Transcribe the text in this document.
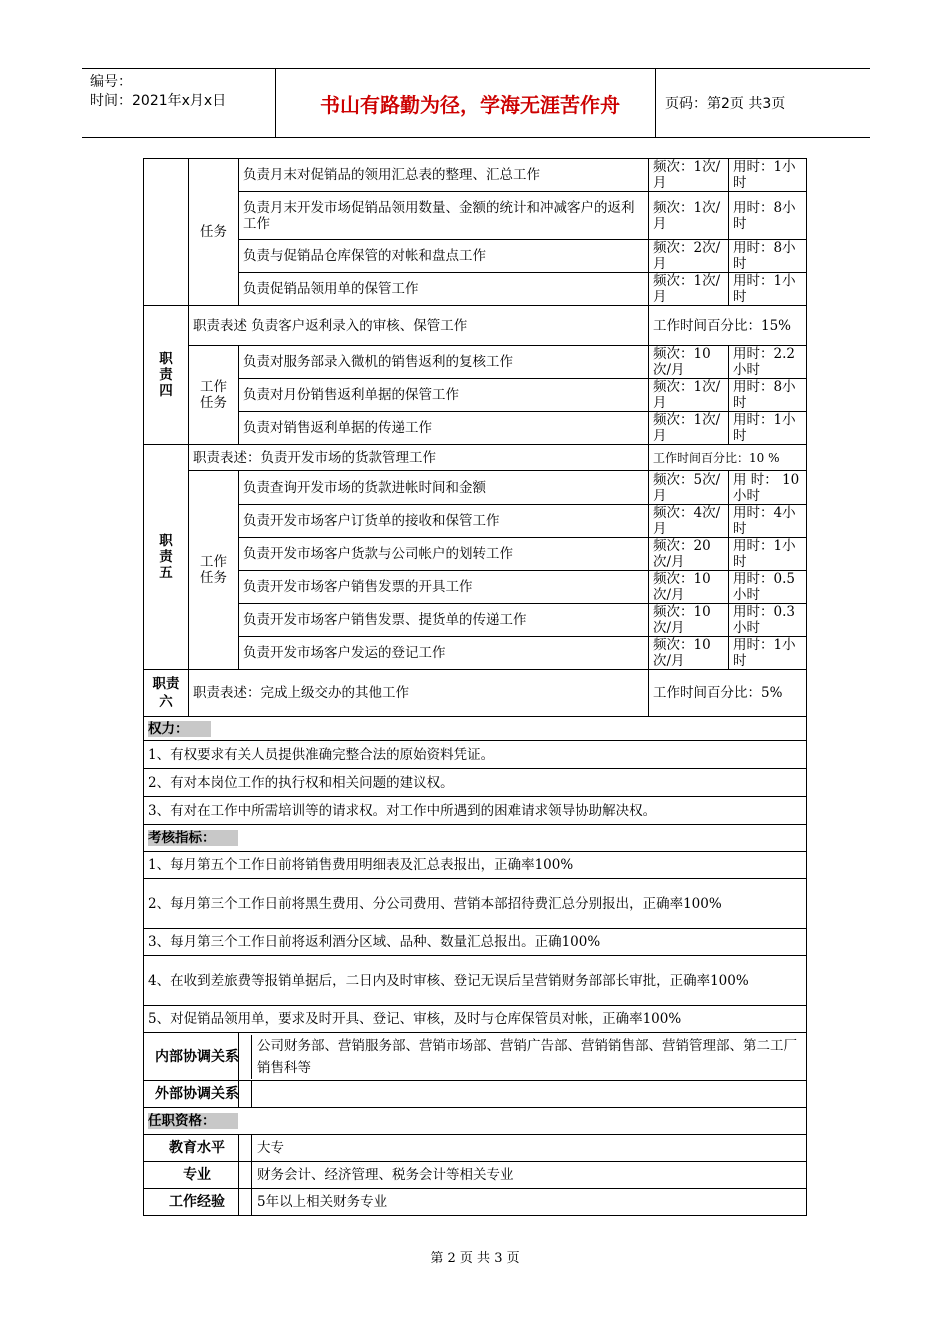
编号：
时间：2021年x月x日	书山有路勤为径，学海无涯苦作舟	页码：第2页 共3页
	任务	负责月末对促销品的领用汇总表的整理、汇总工作	频次：1次/月	用时：1小时
		负责月末开发市场促销品领用数量、金额的统计和冲减客户的返利工作	频次：1次/月	用时：8小时
		负责与促销品仓库保管的对帐和盘点工作	频次：2次/月	用时：8小时
		负责促销品领用单的保管工作	频次：1次/月	用时：1小时

职责四	职责表述 负责客户返利录入的审核、保管工作		工作时间百分比：15%	

	工作任务	负责对服务部录入微机的销售返利的复核工作	频次：10次/月	用时：2.2小时
		负责对月份销售返利单据的保管工作	频次：1次/月	用时：8小时
		负责对销售返利单据的传递工作	频次：1次/月	用时：1小时

职责五	职责表述：负责开发市场的货款管理工作		工作时间百分比：10 %	

	工作任务	负责查询开发市场的货款进帐时间和金额	频次：5次/月	用 时： 10小时
		负责开发市场客户订货单的接收和保管工作	频次：4次/月	用时：4小时
		负责开发市场客户货款与公司帐户的划转工作	频次：20次/月	用时：1小时
		负责开发市场客户销售发票的开具工作	频次：10次/月	用时：0.5小时
		负责开发市场客户销售发票、提货单的传递工作	频次：10次/月	用时：0.3小时
		负责开发市场客户发运的登记工作	频次：10次/月	用时：1小时

职责六	职责表述：完成上级交办的其他工作		工作时间百分比：5%	
权力：				
1、有权要求有关人员提供准确完整合法的原始资料凭证。				
2、有对本岗位工作的执行权和相关问题的建议权。				
3、有对在工作中所需培训等的请求权。对工作中所遇到的困难请求领导协助解决权。				
考核指标：				
1、每月第五个工作日前将销售费用明细表及汇总表报出，正确率100%				
2、每月第三个工作日前将黑生费用、分公司费用、营销本部招待费汇总分别报出，正确率100%				
3、每月第三个工作日前将返利酒分区域、品种、数量汇总报出。正确100%				
4、在收到差旅费等报销单据后，二日内及时审核、登记无误后呈营销财务部部长审批，正确率100%				
5、对促销品领用单，要求及时开具、登记、审核，及时与仓库保管员对帐，正确率100%				

内部协调关系
公司财务部、营销服务部、营销市场部、营销广告部、营销销售部、营销管理部、第二工厂销售科等		

外部协调关系		

任职资格：				

教育水平 大专		

专业 财务会计、经济管理、税务会计等相关专业		

工作经验 5年以上相关财务专业		
第 2 页 共 3 页
